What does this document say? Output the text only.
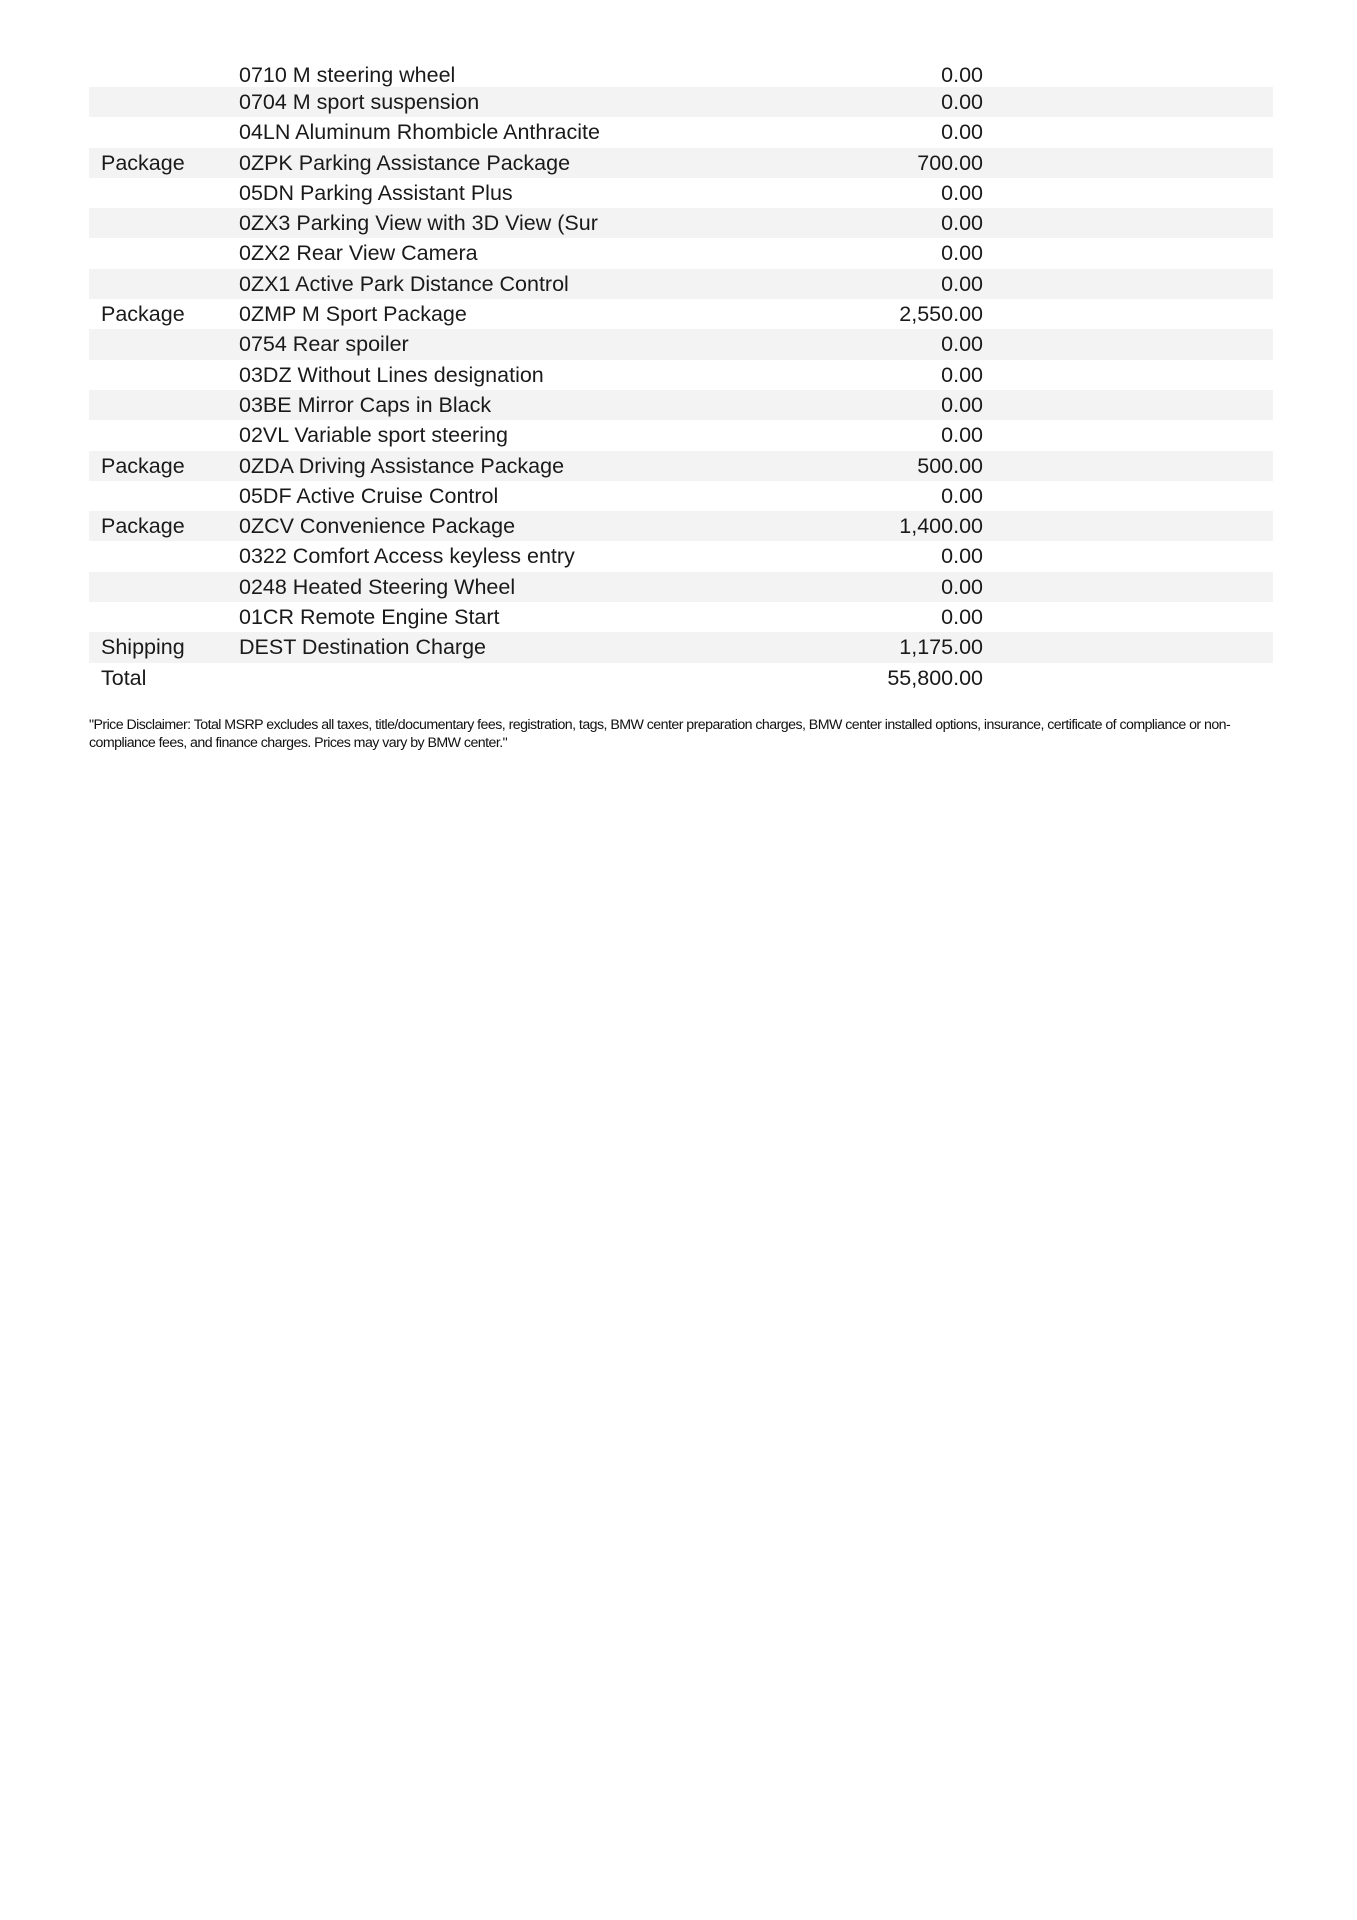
0710 M steering wheel	0.00
0704 M sport suspension	0.00
04LN Aluminum Rhombicle Anthracite	0.00
Package	0ZPK Parking Assistance Package	700.00
05DN Parking Assistant Plus	0.00
0ZX3 Parking View with 3D View (Sur	0.00
0ZX2 Rear View Camera	0.00
0ZX1 Active Park Distance Control	0.00
Package	0ZMP M Sport Package	2,550.00
0754 Rear spoiler	0.00
03DZ Without Lines designation	0.00
03BE Mirror Caps in Black	0.00
02VL Variable sport steering	0.00
Package	0ZDA Driving Assistance Package	500.00
05DF Active Cruise Control	0.00
Package	0ZCV Convenience Package	1,400.00
0322 Comfort Access keyless entry	0.00
0248 Heated Steering Wheel	0.00
01CR Remote Engine Start	0.00
Shipping	DEST Destination Charge	1,175.00
Total	55,800.00
"Price Disclaimer: Total MSRP excludes all taxes, title/documentary fees, registration, tags, BMW center preparation charges, BMW center installed options, insurance, certificate of compliance or non-compliance fees, and finance charges. Prices may vary by BMW center."
